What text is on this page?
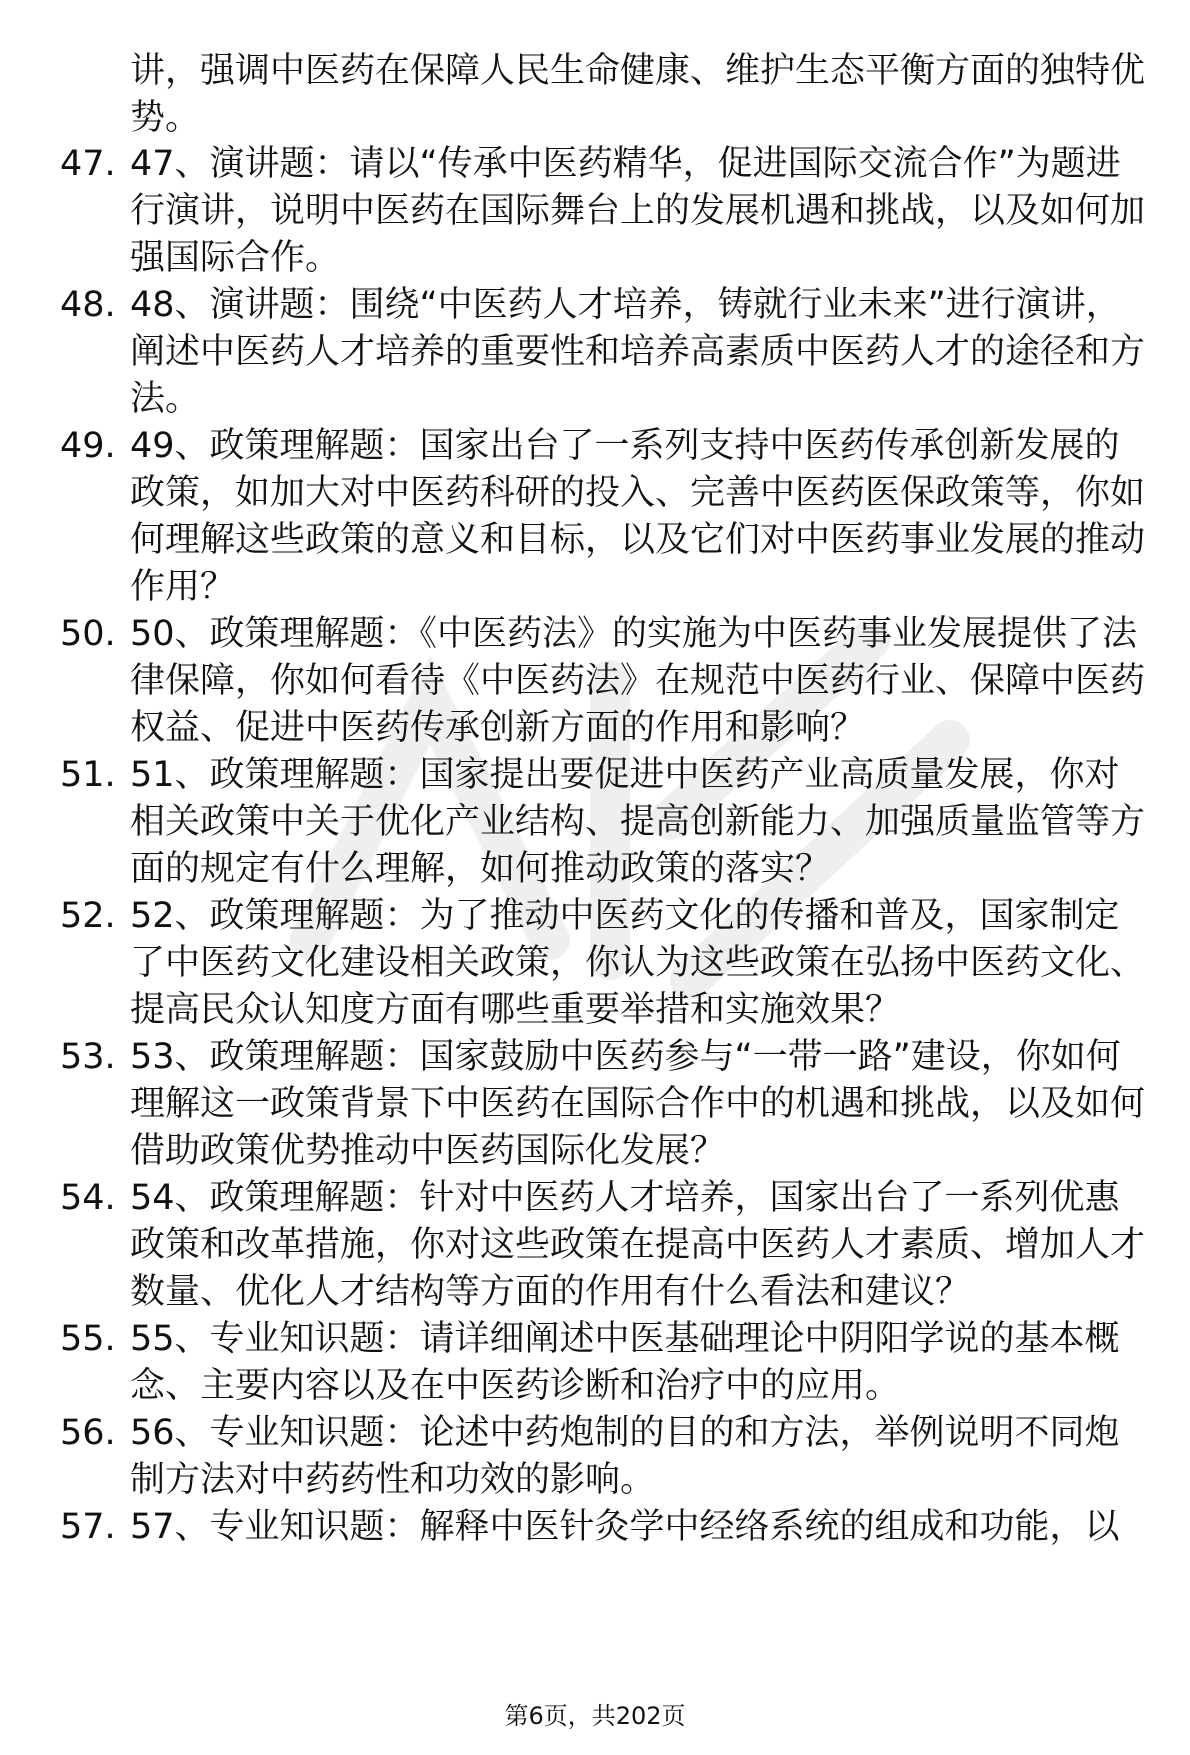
讲，强调中医药在保障人民生命健康、维护生态平衡方面的独特优势。

47. 47、演讲题：请以“传承中医药精华，促进国际交流合作”为题进行演讲，说明中医药在国际舞台上的发展机遇和挑战，以及如何加强国际合作。

48. 48、演讲题：围绕“中医药人才培养，铸就行业未来”进行演讲，阐述中医药人才培养的重要性和培养高素质中医药人才的途径和方法。

49. 49、政策理解题：国家出台了一系列支持中医药传承创新发展的政策，如加大对中医药科研的投入、完善中医药医保政策等，你如何理解这些政策的意义和目标，以及它们对中医药事业发展的推动作用？

50. 50、政策理解题：《中医药法》的实施为中医药事业发展提供了法律保障，你如何看待《中医药法》在规范中医药行业、保障中医药权益、促进中医药传承创新方面的作用和影响？

51. 51、政策理解题：国家提出要促进中医药产业高质量发展，你对相关政策中关于优化产业结构、提高创新能力、加强质量监管等方面的规定有什么理解，如何推动政策的落实？

52. 52、政策理解题：为了推动中医药文化的传播和普及，国家制定了中医药文化建设相关政策，你认为这些政策在弘扬中医药文化、提高民众认知度方面有哪些重要举措和实施效果？

53. 53、政策理解题：国家鼓励中医药参与“一带一路”建设，你如何理解这一政策背景下中医药在国际合作中的机遇和挑战，以及如何借助政策优势推动中医药国际化发展？

54. 54、政策理解题：针对中医药人才培养，国家出台了一系列优惠政策和改革措施，你对这些政策在提高中医药人才素质、增加人才数量、优化人才结构等方面的作用有什么看法和建议？

55. 55、专业知识题：请详细阐述中医基础理论中阴阳学说的基本概念、主要内容以及在中医药诊断和治疗中的应用。

56. 56、专业知识题：论述中药炮制的目的和方法，举例说明不同炮制方法对中药药性和功效的影响。

57. 57、专业知识题：解释中医针灸学中经络系统的组成和功能，以

第6页，共202页
